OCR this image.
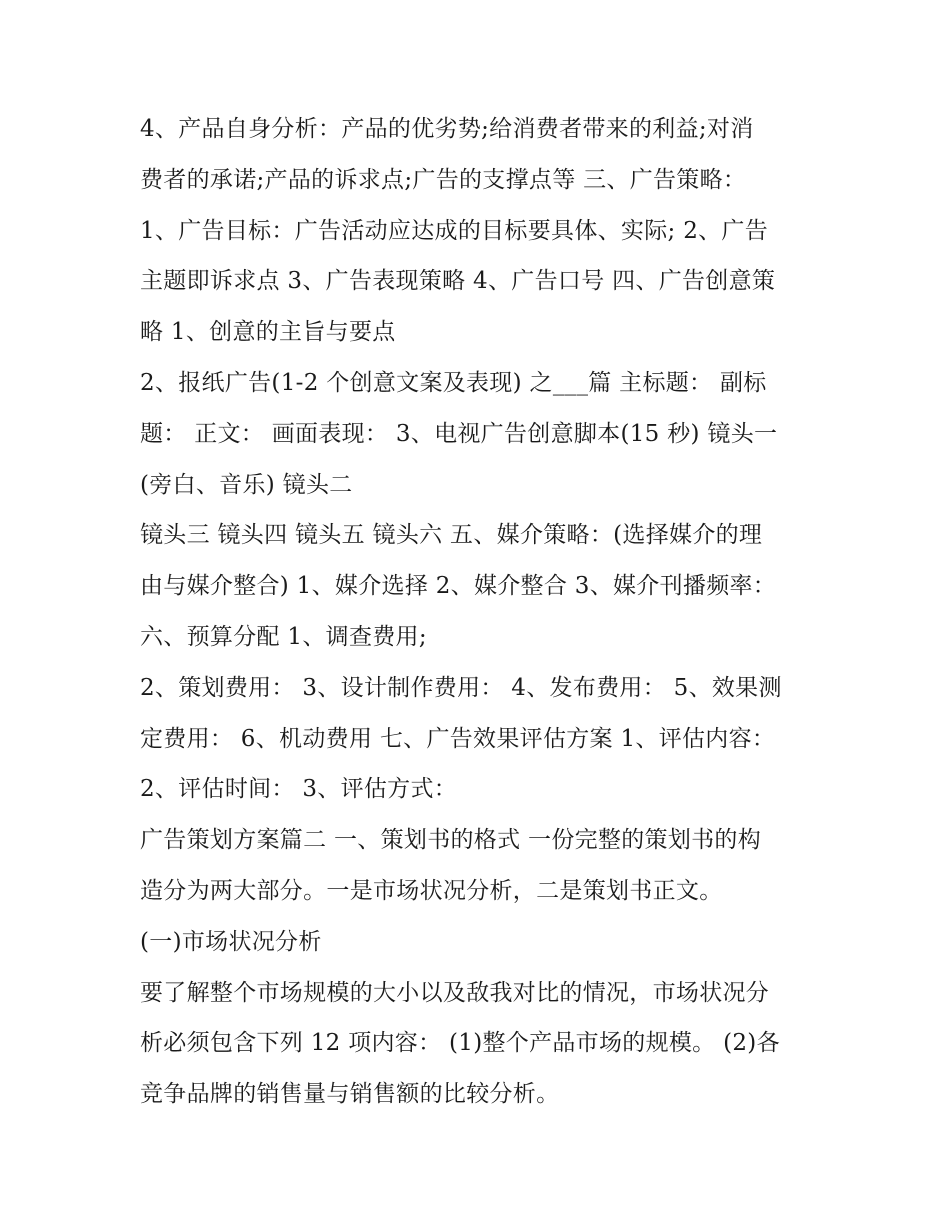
4、产品自身分析：产品的优劣势;给消费者带来的利益;对消
费者的承诺;产品的诉求点;广告的支撑点等 三、广告策略：
1、广告目标：广告活动应达成的目标要具体、实际; 2、广告
主题即诉求点 3、广告表现策略 4、广告口号 四、广告创意策
略 1、创意的主旨与要点
2、报纸广告(1-2 个创意文案及表现) 之___篇 主标题： 副标
题： 正文： 画面表现： 3、电视广告创意脚本(15 秒) 镜头一
(旁白、音乐) 镜头二
镜头三 镜头四 镜头五 镜头六 五、媒介策略：(选择媒介的理
由与媒介整合) 1、媒介选择 2、媒介整合 3、媒介刊播频率：
六、预算分配 1、调查费用;
2、策划费用： 3、设计制作费用： 4、发布费用： 5、效果测
定费用： 6、机动费用 七、广告效果评估方案 1、评估内容：
2、评估时间： 3、评估方式：
广告策划方案篇二 一、策划书的格式 一份完整的策划书的构
造分为两大部分。一是市场状况分析，二是策划书正文。
(一)市场状况分析
要了解整个市场规模的大小以及敌我对比的情况，市场状况分
析必须包含下列 12 项内容： (1)整个产品市场的规模。 (2)各
竞争品牌的销售量与销售额的比较分析。
